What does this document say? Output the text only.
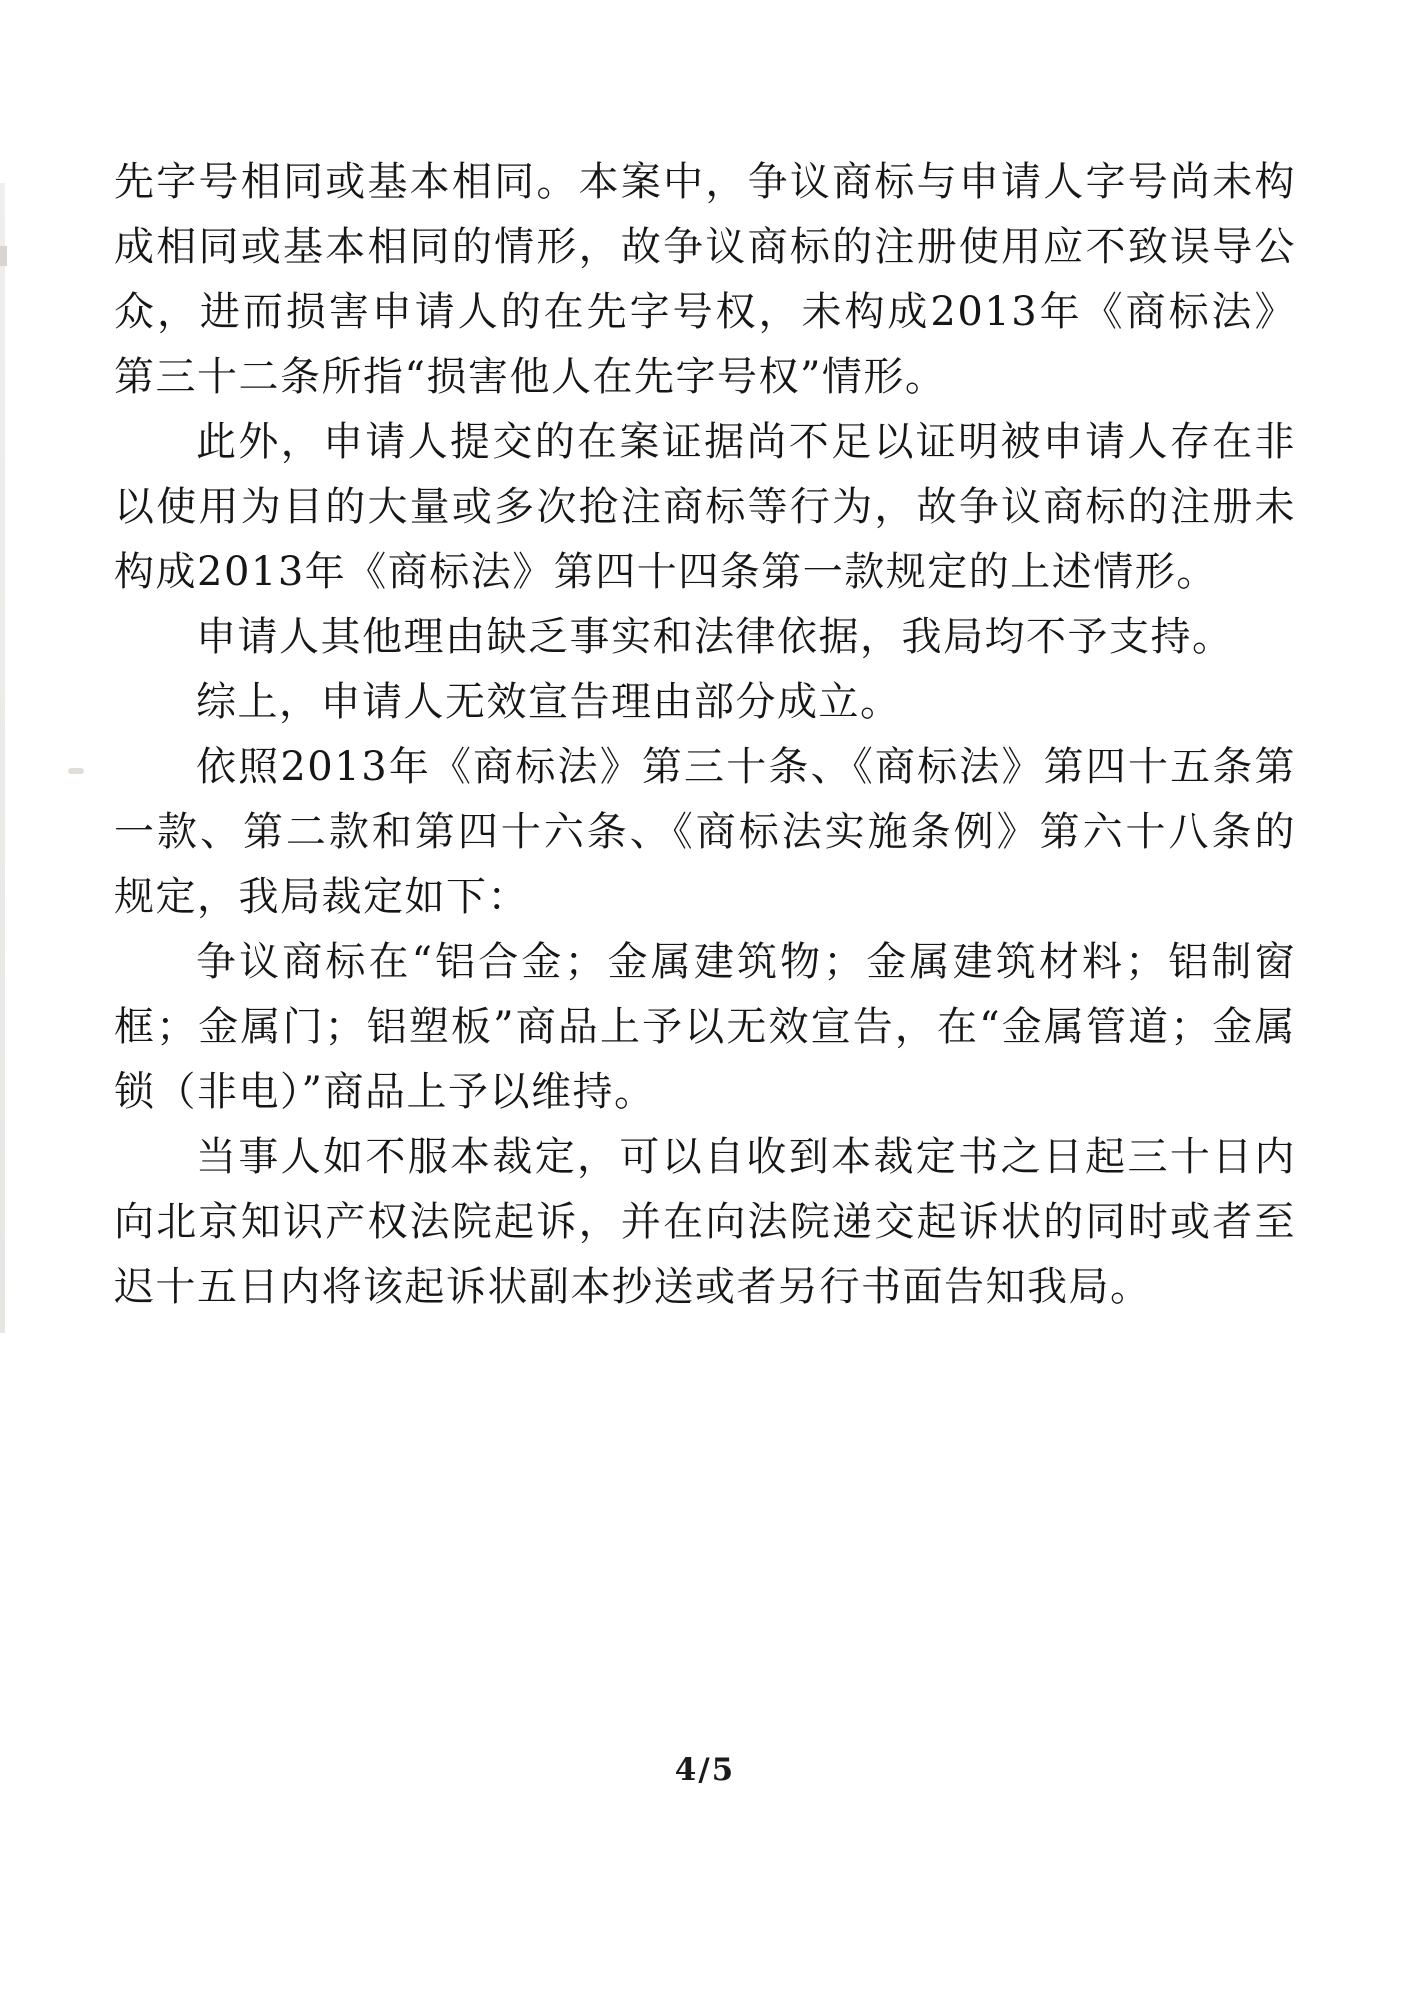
先字号相同或基本相同。本案中，争议商标与申请人字号尚未构成相同或基本相同的情形，故争议商标的注册使用应不致误导公众，进而损害申请人的在先字号权，未构成2013年《商标法》第三十二条所指“损害他人在先字号权”情形。

此外，申请人提交的在案证据尚不足以证明被申请人存在非以使用为目的大量或多次抢注商标等行为，故争议商标的注册未构成2013年《商标法》第四十四条第一款规定的上述情形。

申请人其他理由缺乏事实和法律依据，我局均不予支持。

综上，申请人无效宣告理由部分成立。

依照2013年《商标法》第三十条、《商标法》第四十五条第一款、第二款和第四十六条、《商标法实施条例》第六十八条的规定，我局裁定如下：

争议商标在“铝合金；金属建筑物；金属建筑材料；铝制窗框；金属门；铝塑板”商品上予以无效宣告，在“金属管道；金属锁（非电）”商品上予以维持。

当事人如不服本裁定，可以自收到本裁定书之日起三十日内向北京知识产权法院起诉，并在向法院递交起诉状的同时或者至迟十五日内将该起诉状副本抄送或者另行书面告知我局。

4/5
